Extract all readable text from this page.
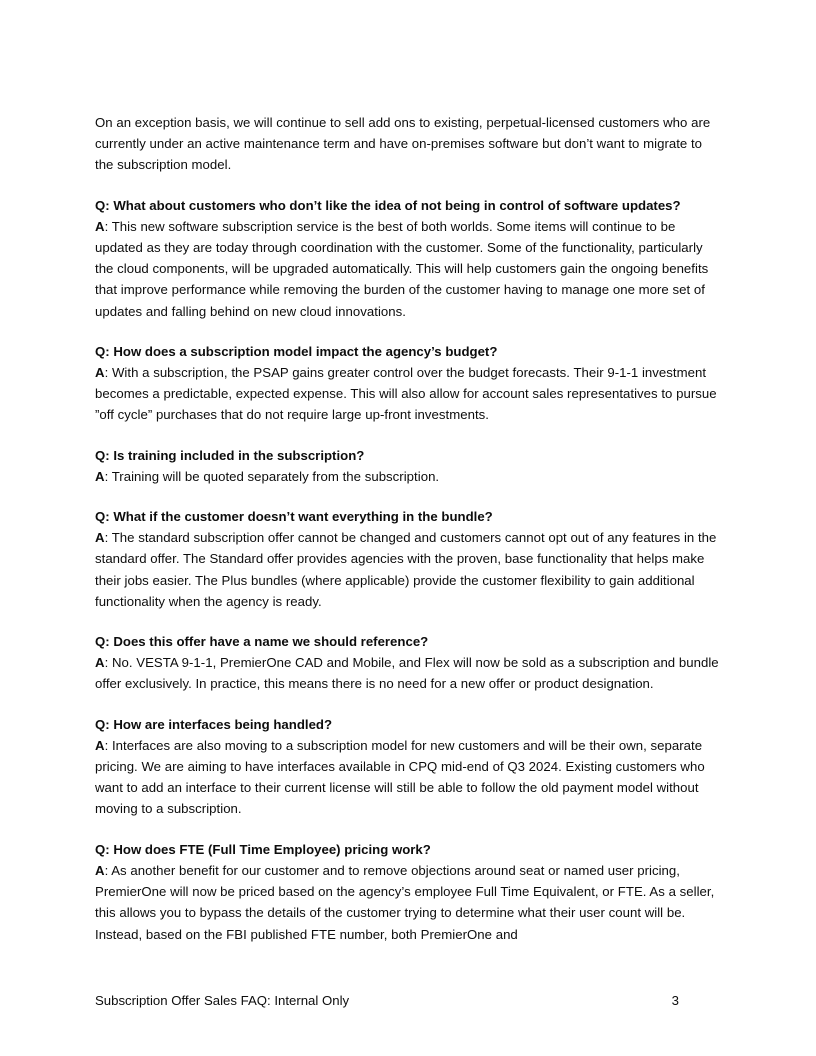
On an exception basis, we will continue to sell add ons to existing, perpetual-licensed customers who are currently under an active maintenance term and have on-premises software but don’t want to migrate to the subscription model.

Q: What about customers who don’t like the idea of not being in control of software updates?

A: This new software subscription service is the best of both worlds. Some items will continue to be updated as they are today through coordination with the customer. Some of the functionality, particularly the cloud components, will be upgraded automatically. This will help customers gain the ongoing benefits that improve performance while removing the burden of the customer having to manage one more set of updates and falling behind on new cloud innovations.

Q: How does a subscription model impact the agency’s budget?

A: With a subscription, the PSAP gains greater control over the budget forecasts. Their 9-1-1 investment becomes a predictable, expected expense. This will also allow for account sales representatives to pursue ”off cycle” purchases that do not require large up-front investments.

Q: Is training included in the subscription?

A: Training will be quoted separately from the subscription.

Q: What if the customer doesn’t want everything in the bundle?

A: The standard subscription offer cannot be changed and customers cannot opt out of any features in the standard offer. The Standard offer provides agencies with the proven, base functionality that helps make their jobs easier. The Plus bundles (where applicable) provide the customer flexibility to gain additional functionality when the agency is ready.

Q: Does this offer have a name we should reference?

A: No. VESTA 9-1-1, PremierOne CAD and Mobile, and Flex will now be sold as a subscription and bundle offer exclusively. In practice, this means there is no need for a new offer or product designation.

Q: How are interfaces being handled?

A: Interfaces are also moving to a subscription model for new customers and will be their own, separate pricing. We are aiming to have interfaces available in CPQ mid-end of Q3 2024. Existing customers who want to add an interface to their current license will still be able to follow the old payment model without moving to a subscription.

Q: How does FTE (Full Time Employee) pricing work?

A: As another benefit for our customer and to remove objections around seat or named user pricing, PremierOne will now be priced based on the agency’s employee Full Time Equivalent, or FTE. As a seller, this allows you to bypass the details of the customer trying to determine what their user count will be. Instead, based on the FBI published FTE number, both PremierOne and

Subscription Offer Sales FAQ: Internal Only	3
